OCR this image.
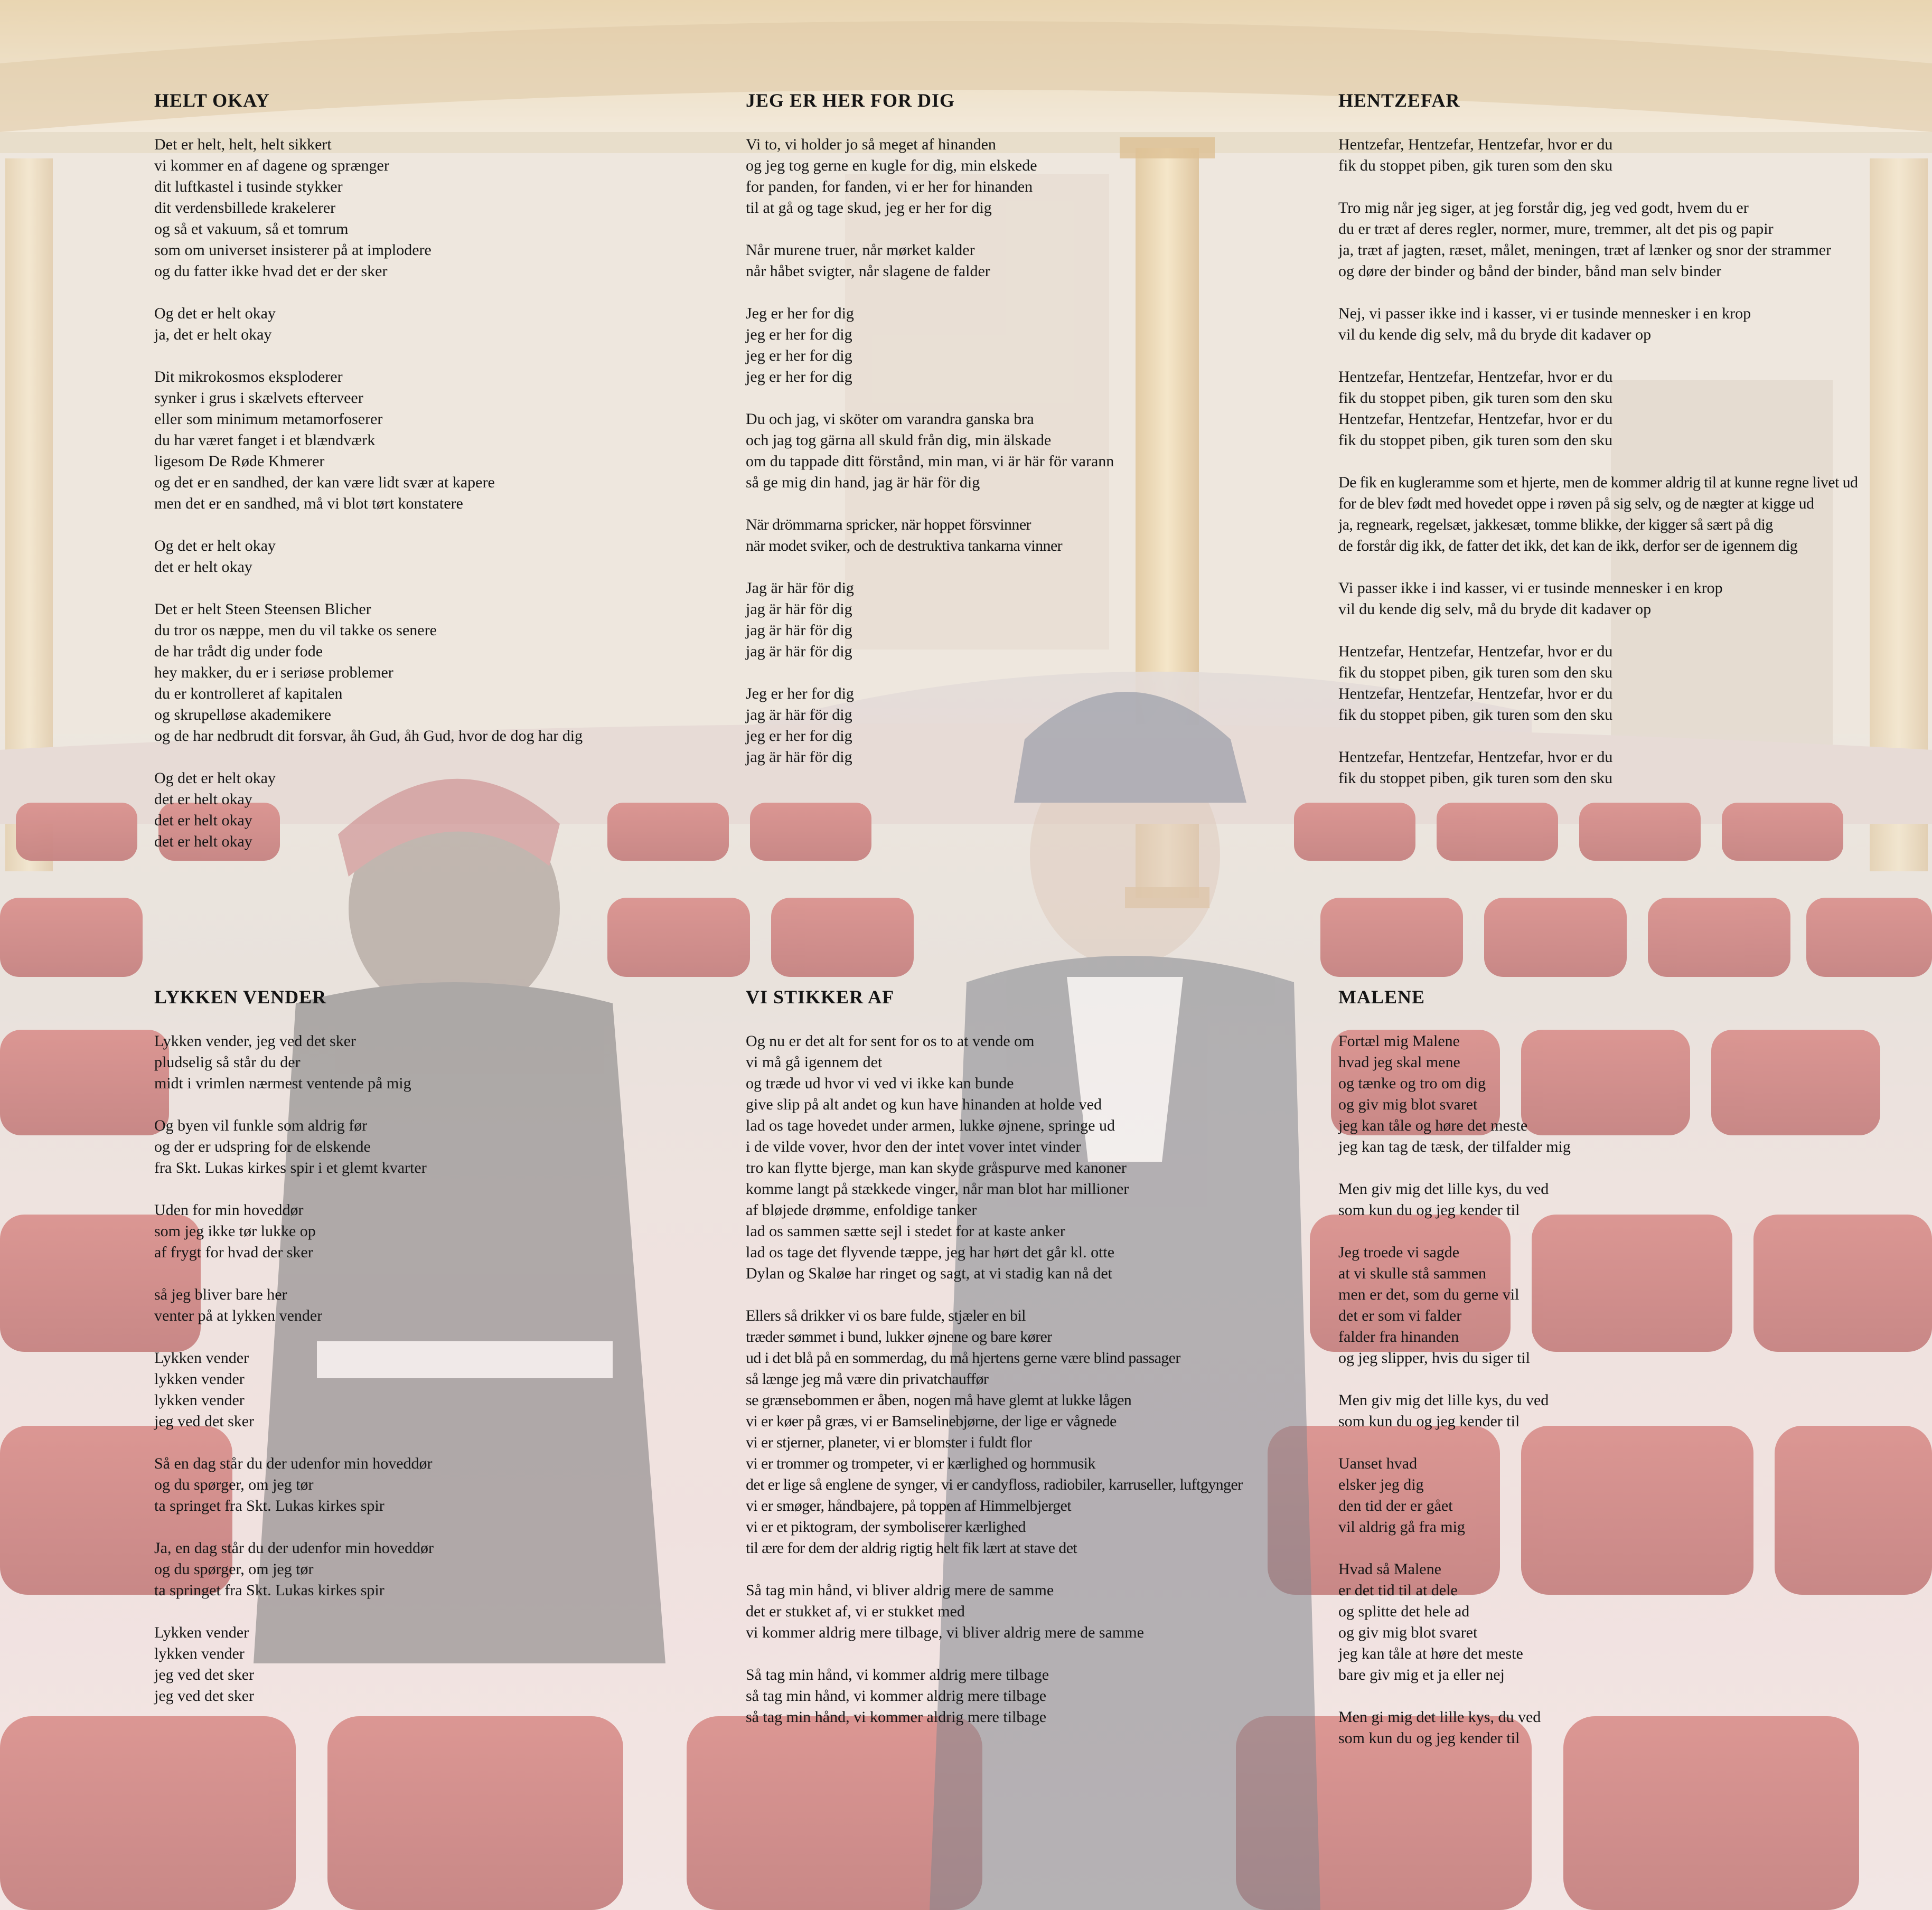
HELT OKAY
Det er helt, helt, helt sikkert
vi kommer en af dagene og sprænger
dit luftkastel i tusinde stykker
dit verdensbillede krakelerer
og så et vakuum, så et tomrum
som om universet insisterer på at implodere
og du fatter ikke hvad det er der sker
Og det er helt okay
ja, det er helt okay
Dit mikrokosmos eksploderer
synker i grus i skælvets efterveer
eller som minimum metamorfoserer
du har været fanget i et blændværk
ligesom De Røde Khmerer
og det er en sandhed, der kan være lidt svær at kapere
men det er en sandhed, må vi blot tørt konstatere
Og det er helt okay
det er helt okay
Det er helt Steen Steensen Blicher
du tror os næppe, men du vil takke os senere
de har trådt dig under fode
hey makker, du er i seriøse problemer
du er kontrolleret af kapitalen
og skrupelløse akademikere
og de har nedbrudt dit forsvar, åh Gud, åh Gud, hvor de dog har dig
Og det er helt okay
det er helt okay
det er helt okay
det er helt okay
JEG ER HER FOR DIG
Vi to, vi holder jo så meget af hinanden
og jeg tog gerne en kugle for dig, min elskede
for panden, for fanden, vi er her for hinanden
til at gå og tage skud, jeg er her for dig
Når murene truer, når mørket kalder
når håbet svigter, når slagene de falder
Jeg er her for dig
jeg er her for dig
jeg er her for dig
jeg er her for dig
Du och jag, vi sköter om varandra ganska bra
och jag tog gärna all skuld från dig, min älskade
om du tappade ditt förstånd, min man, vi är här för varann
så ge mig din hand, jag är här för dig
När drömmarna spricker, när hoppet försvinner
när modet sviker, och de destruktiva tankarna vinner
Jag är här för dig
jag är här för dig
jag är här för dig
jag är här för dig
Jeg er her for dig
jag är här för dig
jeg er her for dig
jag är här för dig
HENTZEFAR
Hentzefar, Hentzefar, Hentzefar, hvor er du
fik du stoppet piben, gik turen som den sku
Tro mig når jeg siger, at jeg forstår dig, jeg ved godt, hvem du er
du er træt af deres regler, normer, mure, tremmer, alt det pis og papir
ja, træt af jagten, ræset, målet, meningen, træt af lænker og snor der strammer
og døre der binder og bånd der binder, bånd man selv binder
Nej, vi passer ikke ind i kasser, vi er tusinde mennesker i en krop
vil du kende dig selv, må du bryde dit kadaver op
Hentzefar, Hentzefar, Hentzefar, hvor er du
fik du stoppet piben, gik turen som den sku
Hentzefar, Hentzefar, Hentzefar, hvor er du
fik du stoppet piben, gik turen som den sku
De fik en kugleramme som et hjerte, men de kommer aldrig til at kunne regne livet ud
for de blev født med hovedet oppe i røven på sig selv, og de nægter at kigge ud
ja, regneark, regelsæt, jakkesæt, tomme blikke, der kigger så sært på dig
de forstår dig ikk, de fatter det ikk, det kan de ikk, derfor ser de igennem dig
Vi passer ikke i ind kasser, vi er tusinde mennesker i en krop
vil du kende dig selv, må du bryde dit kadaver op
Hentzefar, Hentzefar, Hentzefar, hvor er du
fik du stoppet piben, gik turen som den sku
Hentzefar, Hentzefar, Hentzefar, hvor er du
fik du stoppet piben, gik turen som den sku
Hentzefar, Hentzefar, Hentzefar, hvor er du
fik du stoppet piben, gik turen som den sku
LYKKEN VENDER
Lykken vender, jeg ved det sker
pludselig så står du der
midt i vrimlen nærmest ventende på mig
Og byen vil funkle som aldrig før
og der er udspring for de elskende
fra Skt. Lukas kirkes spir i et glemt kvarter
Uden for min hoveddør
som jeg ikke tør lukke op
af frygt for hvad der sker
så jeg bliver bare her
venter på at lykken vender
Lykken vender
lykken vender
lykken vender
jeg ved det sker
Så en dag står du der udenfor min hoveddør
og du spørger, om jeg tør
ta springet fra Skt. Lukas kirkes spir
Ja, en dag står du der udenfor min hoveddør
og du spørger, om jeg tør
ta springet fra Skt. Lukas kirkes spir
Lykken vender
lykken vender
jeg ved det sker
jeg ved det sker
VI STIKKER AF
Og nu er det alt for sent for os to at vende om
vi må gå igennem det
og træde ud hvor vi ved vi ikke kan bunde
give slip på alt andet og kun have hinanden at holde ved
lad os tage hovedet under armen, lukke øjnene, springe ud
i de vilde vover, hvor den der intet vover intet vinder
tro kan flytte bjerge, man kan skyde gråspurve med kanoner
komme langt på stækkede vinger, når man blot har millioner
af bløjede drømme, enfoldige tanker
lad os sammen sætte sejl i stedet for at kaste anker
lad os tage det flyvende tæppe, jeg har hørt det går kl. otte
Dylan og Skaløe har ringet og sagt, at vi stadig kan nå det
Ellers så drikker vi os bare fulde, stjæler en bil
træder sømmet i bund, lukker øjnene og bare kører
ud i det blå på en sommerdag, du må hjertens gerne være blind passager
så længe jeg må være din privatchauffør
se grænsebommen er åben, nogen må have glemt at lukke lågen
vi er køer på græs, vi er Bamselinebjørne, der lige er vågnede
vi er stjerner, planeter, vi er blomster i fuldt flor
vi er trommer og trompeter, vi er kærlighed og hornmusik
det er lige så englene de synger, vi er candyfloss, radiobiler, karruseller, luftgynger
vi er smøger, håndbajere, på toppen af Himmelbjerget
vi er et piktogram, der symboliserer kærlighed
til ære for dem der aldrig rigtig helt fik lært at stave det
Så tag min hånd, vi bliver aldrig mere de samme
det er stukket af, vi er stukket med
vi kommer aldrig mere tilbage, vi bliver aldrig mere de samme
Så tag min hånd, vi kommer aldrig mere tilbage
så tag min hånd, vi kommer aldrig mere tilbage
så tag min hånd, vi kommer aldrig mere tilbage
MALENE
Fortæl mig Malene
hvad jeg skal mene
og tænke og tro om dig
og giv mig blot svaret
jeg kan tåle og høre det meste
jeg kan tag de tæsk, der tilfalder mig
Men giv mig det lille kys, du ved
som kun du og jeg kender til
Jeg troede vi sagde
at vi skulle stå sammen
men er det, som du gerne vil
det er som vi falder
falder fra hinanden
og jeg slipper, hvis du siger til
Men giv mig det lille kys, du ved
som kun du og jeg kender til
Uanset hvad
elsker jeg dig
den tid der er gået
vil aldrig gå fra mig
Hvad så Malene
er det tid til at dele
og splitte det hele ad
og giv mig blot svaret
jeg kan tåle at høre det meste
bare giv mig et ja eller nej
Men gi mig det lille kys, du ved
som kun du og jeg kender til
